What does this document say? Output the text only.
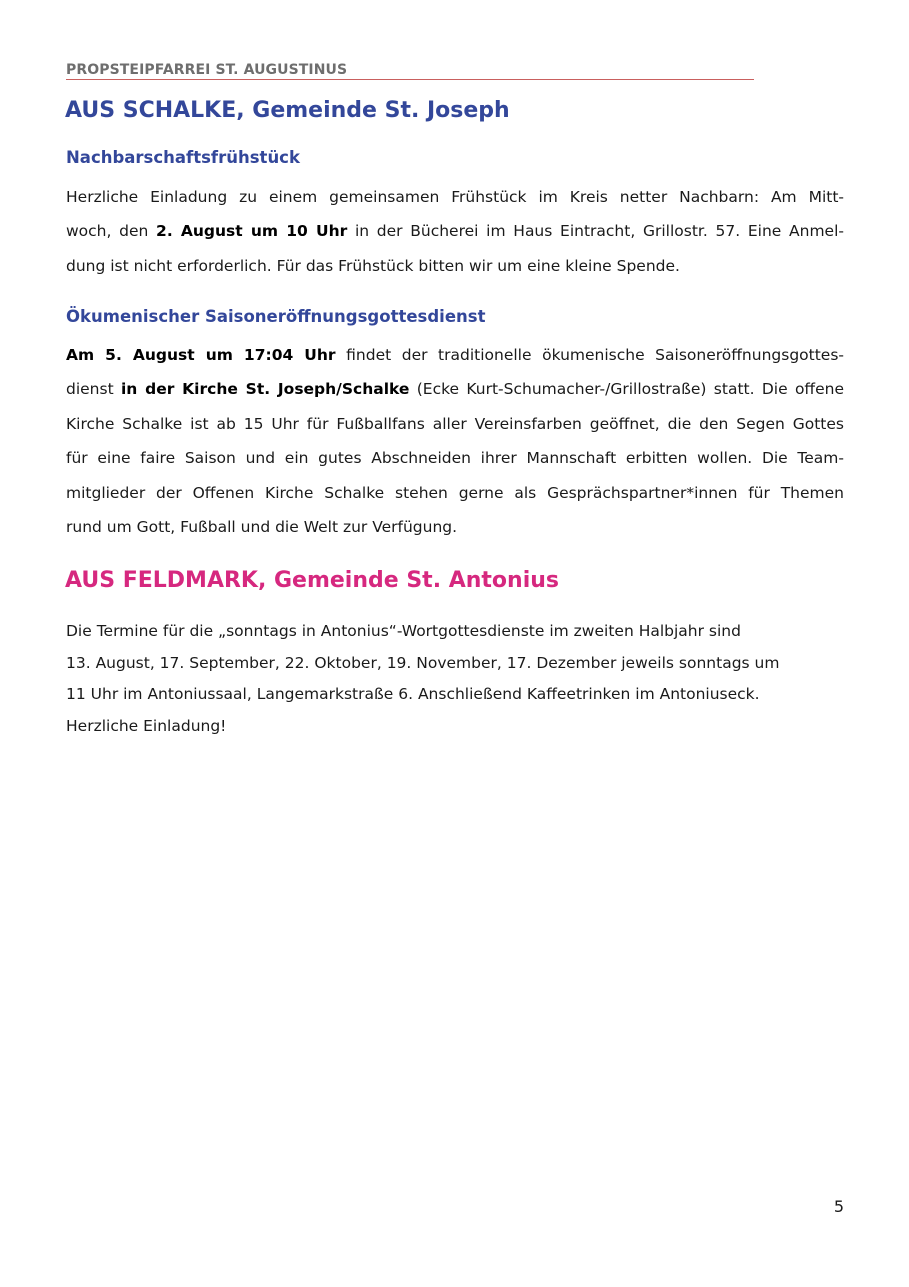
PROPSTEIPFARREI ST. AUGUSTINUS
AUS SCHALKE, Gemeinde St. Joseph
Nachbarschaftsfrühstück
Herzliche Einladung zu einem gemeinsamen Frühstück im Kreis netter Nachbarn: Am Mitt-
woch, den 2. August um 10 Uhr in der Bücherei im Haus Eintracht, Grillostr. 57. Eine Anmel-
dung ist nicht erforderlich. Für das Frühstück bitten wir um eine kleine Spende.
Ökumenischer Saisoneröffnungsgottesdienst
Am 5. August um 17:04 Uhr findet der traditionelle ökumenische Saisoneröffnungsgottes-
dienst in der Kirche St. Joseph/Schalke (Ecke Kurt-Schumacher-/Grillostraße) statt. Die offene
Kirche Schalke ist ab 15 Uhr für Fußballfans aller Vereinsfarben geöffnet, die den Segen Gottes
für eine faire Saison und ein gutes Abschneiden ihrer Mannschaft erbitten wollen. Die Team-
mitglieder der Offenen Kirche Schalke stehen gerne als Gesprächspartner*innen für Themen
rund um Gott, Fußball und die Welt zur Verfügung.
AUS FELDMARK, Gemeinde St. Antonius
Die Termine für die „sonntags in Antonius“-Wortgottesdienste im zweiten Halbjahr sind
13. August, 17. September, 22. Oktober, 19. November, 17. Dezember jeweils sonntags um
11 Uhr im Antoniussaal, Langemarkstraße 6. Anschließend Kaffeetrinken im Antoniuseck.
Herzliche Einladung!
5
